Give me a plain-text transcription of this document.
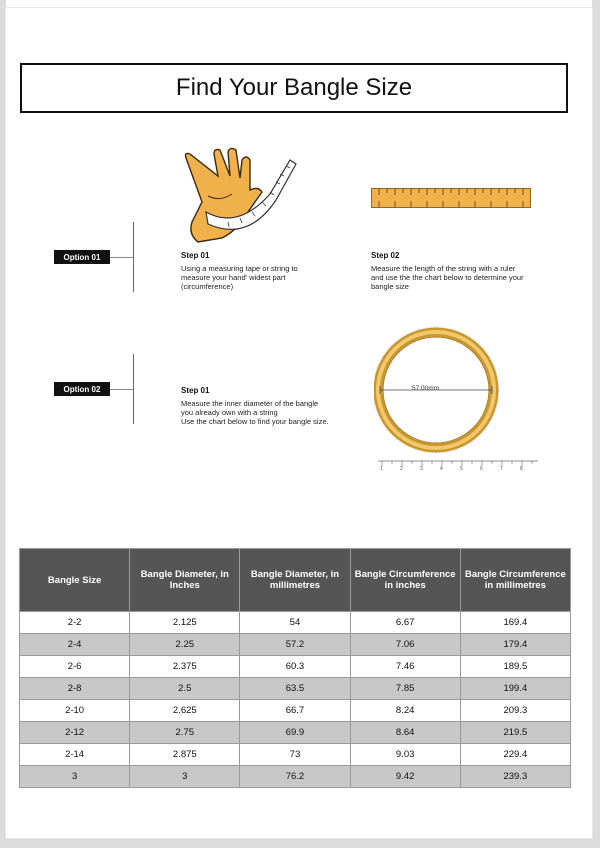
Find Your Bangle Size
Option 01	Step 01
Using a measuring tape or string to
measure your hand' widest part
(circumference)
Step 02
Measure the length of the string with a ruler
and use the the chart below to determine your
bangle size
Option 02	Step 01
Measure the inner diameter of the bangle
you already own with a string
Use the chart below to find your bangle size.
57.00mm
1	2	3	4	5	6	7	8
Bangle Size	Bangle Diameter, in Inches	Bangle Diameter, in millimetres	Bangle Circumference in inches	Bangle Circumference in millimetres
2-2	2.125	54	6.67	169.4
2-4	2.25	57.2	7.06	179.4
2-6	2.375	60.3	7.46	189.5
2-8	2.5	63.5	7.85	199.4
2-10	2.625	66.7	8.24	209.3
2-12	2.75	69.9	8.64	219.5
2-14	2.875	73	9.03	229.4
3	3	76.2	9.42	239.3
